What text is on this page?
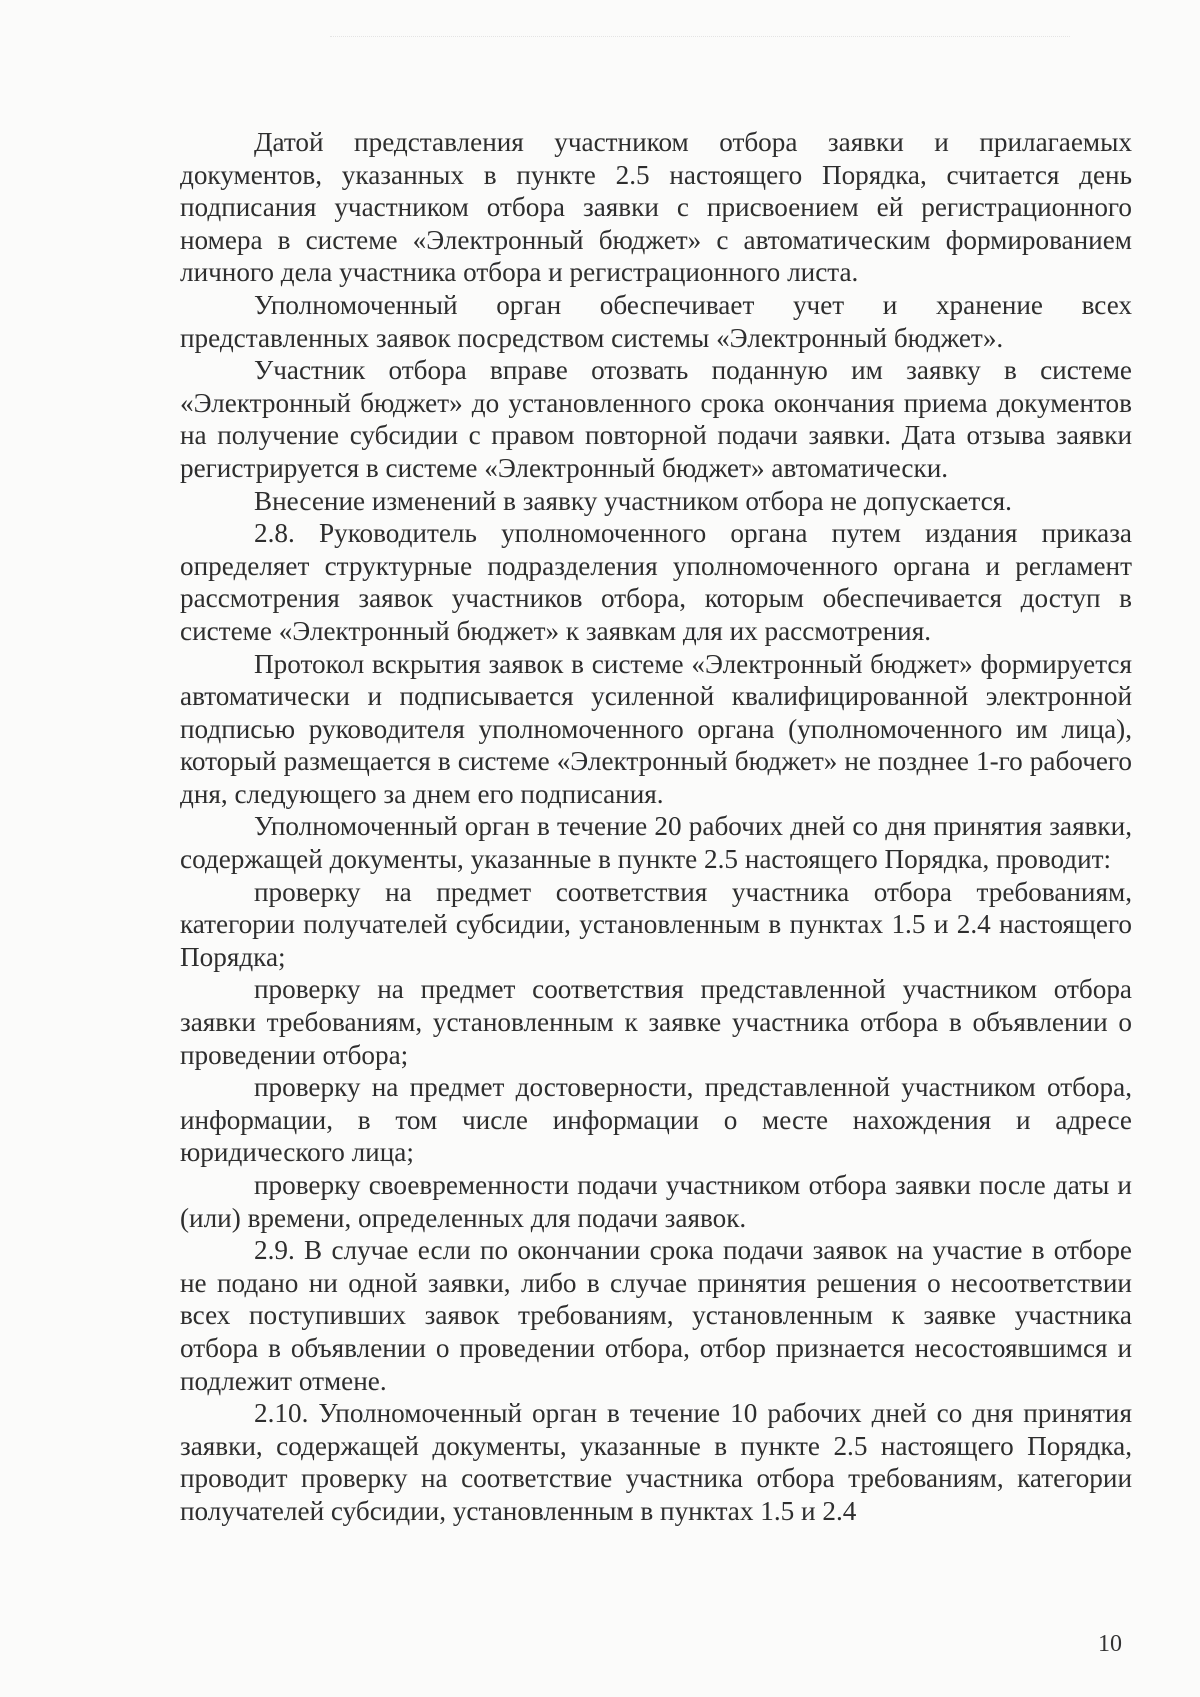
Датой представления участником отбора заявки и прилагаемых документов, указанных в пункте 2.5 настоящего Порядка, считается день подписания участником отбора заявки с присвоением ей регистрационного номера в системе «Электронный бюджет» с автоматическим формированием личного дела участника отбора и регистрационного листа.

Уполномоченный орган обеспечивает учет и хранение всех представленных заявок посредством системы «Электронный бюджет».

Участник отбора вправе отозвать поданную им заявку в системе «Электронный бюджет» до установленного срока окончания приема документов на получение субсидии с правом повторной подачи заявки. Дата отзыва заявки регистрируется в системе «Электронный бюджет» автоматически.

Внесение изменений в заявку участником отбора не допускается.

2.8. Руководитель уполномоченного органа путем издания приказа определяет структурные подразделения уполномоченного органа и регламент рассмотрения заявок участников отбора, которым обеспечивается доступ в системе «Электронный бюджет» к заявкам для их рассмотрения.

Протокол вскрытия заявок в системе «Электронный бюджет» формируется автоматически и подписывается усиленной квалифицированной электронной подписью руководителя уполномоченного органа (уполномоченного им лица), который размещается в системе «Электронный бюджет» не позднее 1-го рабочего дня, следующего за днем его подписания.

Уполномоченный орган в течение 20 рабочих дней со дня принятия заявки, содержащей документы, указанные в пункте 2.5 настоящего Порядка, проводит:

проверку на предмет соответствия участника отбора требованиям, категории получателей субсидии, установленным в пунктах 1.5 и 2.4 настоящего Порядка;

проверку на предмет соответствия представленной участником отбора заявки требованиям, установленным к заявке участника отбора в объявлении о проведении отбора;

проверку на предмет достоверности, представленной участником отбора, информации, в том числе информации о месте нахождения и адресе юридического лица;

проверку своевременности подачи участником отбора заявки после даты и (или) времени, определенных для подачи заявок.

2.9. В случае если по окончании срока подачи заявок на участие в отборе не подано ни одной заявки, либо в случае принятия решения о несоответствии всех поступивших заявок требованиям, установленным к заявке участника отбора в объявлении о проведении отбора, отбор признается несостоявшимся и подлежит отмене.

2.10. Уполномоченный орган в течение 10 рабочих дней со дня принятия заявки, содержащей документы, указанные в пункте 2.5 настоящего Порядка, проводит проверку на соответствие участника отбора требованиям, категории получателей субсидии, установленным в пунктах 1.5 и 2.4

10
